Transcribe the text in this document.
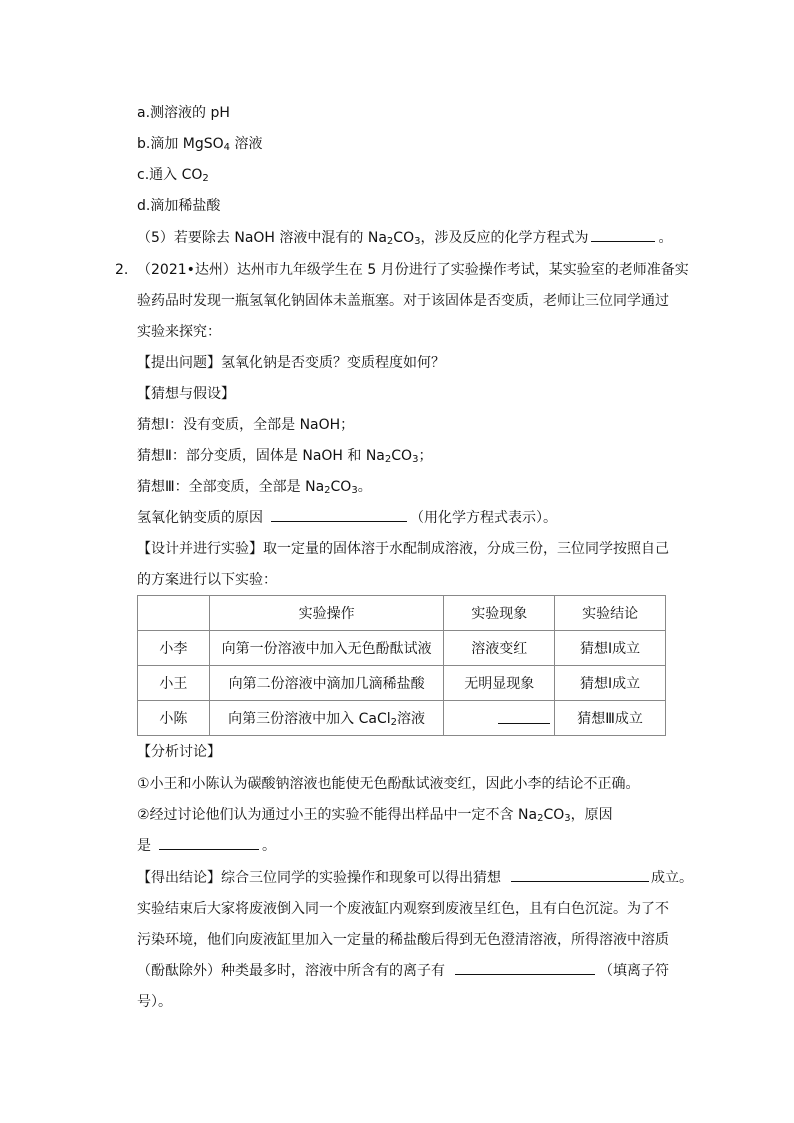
a.测溶液的 pH
b.滴加 MgSO$_4$ 溶液
c.通入 $CO_2$
d.滴加稀盐酸
（5）若要除去 NaOH 溶液中混有的 $Na_2CO_3$，涉及反应的化学方程式为	。
2. （2021•达州）达州市九年级学生在 5 月份进行了实验操作考试，某实验室的老师准备实
验药品时发现一瓶氢氧化钠固体未盖瓶塞。对于该固体是否变质，老师让三位同学通过
实验来探究：
【提出问题】氢氧化钠是否变质？变质程度如何？
【猜想与假设】
猜想Ⅰ：没有变质，全部是 NaOH；
猜想Ⅱ：部分变质，固体是 NaOH 和 $Na_2CO_3$；
猜想Ⅲ：全部变质，全部是 $Na_2CO_3$。
氢氧化钠变质的原因	（用化学方程式表示）。
【设计并进行实验】取一定量的固体溶于水配制成溶液，分成三份，三位同学按照自己
的方案进行以下实验：
	实验操作	实验现象	实验结论
小李	向第一份溶液中加入无色酚酞试液	溶液变红	猜想Ⅰ成立
小王	向第二份溶液中滴加几滴稀盐酸	无明显现象	猜想Ⅰ成立
小陈	向第三份溶液中加入 CaCl$_2$溶液		猜想Ⅲ成立
【分析讨论】
①小王和小陈认为碳酸钠溶液也能使无色酚酞试液变红，因此小李的结论不正确。
②经过讨论他们认为通过小王的实验不能得出样品中一定不含 $Na_2CO_3$，原因
是	。
【得出结论】综合三位同学的实验操作和现象可以得出猜想	成立。
实验结束后大家将废液倒入同一个废液缸内观察到废液呈红色，且有白色沉淀。为了不
污染环境，他们向废液缸里加入一定量的稀盐酸后得到无色澄清溶液，所得溶液中溶质
（酚酞除外）种类最多时，溶液中所含有的离子有	（填离子符
号）。
